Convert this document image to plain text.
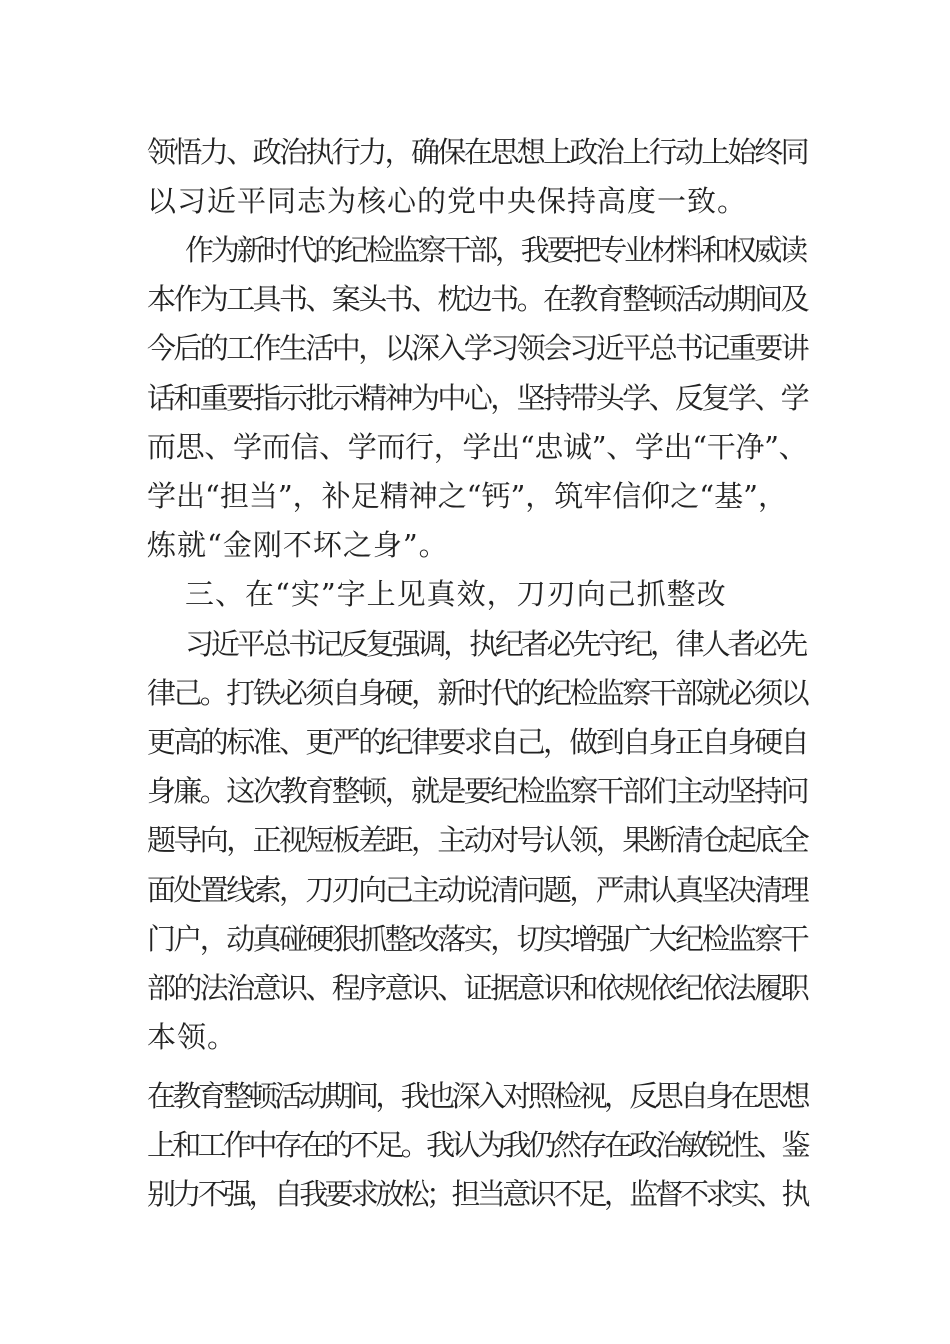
领悟力、政治执行力，确保在思想上政治上行动上始终同
以习近平同志为核心的党中央保持高度一致。
作为新时代的纪检监察干部，我要把专业材料和权威读
本作为工具书、案头书、枕边书。在教育整顿活动期间及
今后的工作生活中，以深入学习领会习近平总书记重要讲
话和重要指示批示精神为中心，坚持带头学、反复学、学
而思、学而信、学而行，学出“忠诚”、学出“干净”、
学出“担当”，补足精神之“钙”，筑牢信仰之“基”，
炼就“金刚不坏之身”。
三、在“实”字上见真效，刀刃向己抓整改
习近平总书记反复强调，执纪者必先守纪，律人者必先
律己。打铁必须自身硬，新时代的纪检监察干部就必须以
更高的标准、更严的纪律要求自己，做到自身正自身硬自
身廉。这次教育整顿，就是要纪检监察干部们主动坚持问
题导向，正视短板差距，主动对号认领，果断清仓起底全
面处置线索，刀刃向己主动说清问题，严肃认真坚决清理
门户，动真碰硬狠抓整改落实，切实增强广大纪检监察干
部的法治意识、程序意识、证据意识和依规依纪依法履职
本领。
在教育整顿活动期间，我也深入对照检视，反思自身在思想
上和工作中存在的不足。我认为我仍然存在政治敏锐性、鉴
别力不强，自我要求放松；担当意识不足，监督不求实、执
